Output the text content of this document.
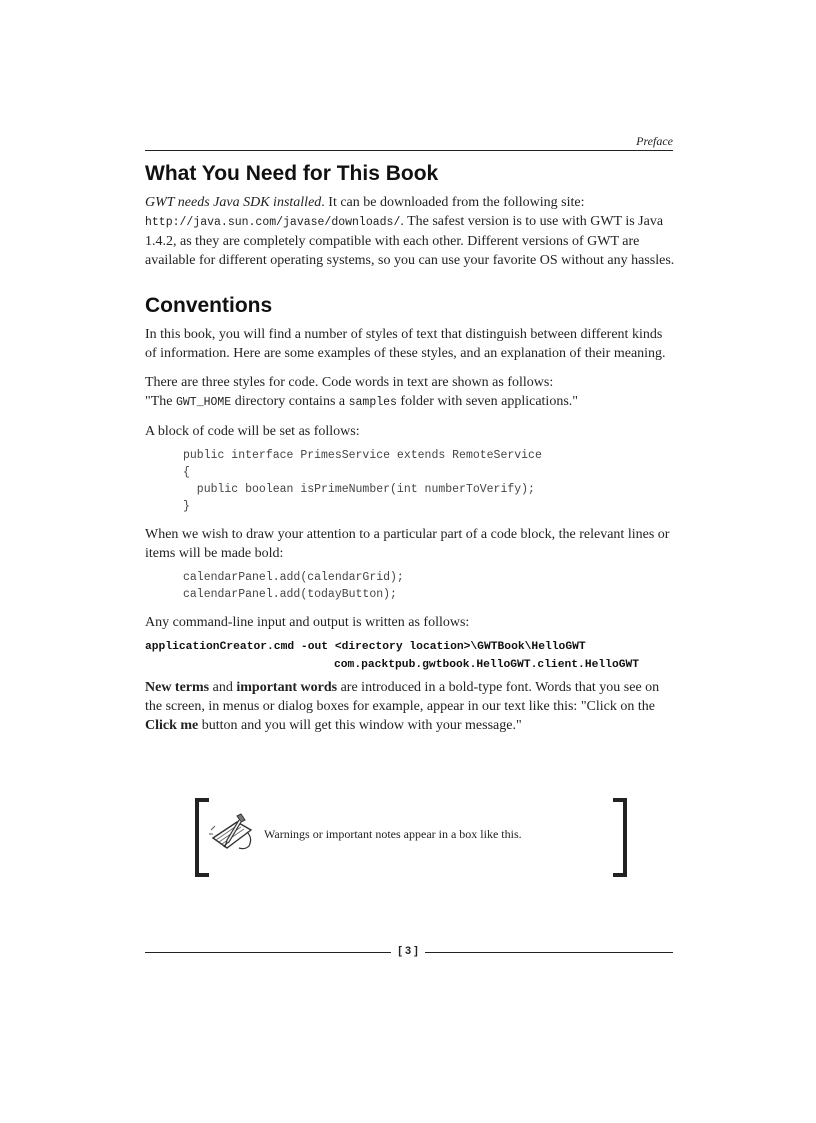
Preface
What You Need for This Book

GWT needs Java SDK installed. It can be downloaded from the following site: http://java.sun.com/javase/downloads/. The safest version is to use with GWT is Java 1.4.2, as they are completely compatible with each other. Different versions of GWT are available for different operating systems, so you can use your favorite OS without any hassles.

Conventions

In this book, you will find a number of styles of text that distinguish between different kinds of information. Here are some examples of these styles, and an explanation of their meaning.

There are three styles for code. Code words in text are shown as follows:
"The GWT_HOME directory contains a samples folder with seven applications."

A block of code will be set as follows:

public interface PrimesService extends RemoteService
{
public boolean isPrimeNumber(int numberToVerify);
}

When we wish to draw your attention to a particular part of a code block, the relevant lines or items will be made bold:

calendarPanel.add(calendarGrid);
calendarPanel.add(todayButton);

Any command-line input and output is written as follows:

applicationCreator.cmd -out <directory location>\GWTBook\HelloGWT
com.packtpub.gwtbook.HelloGWT.client.HelloGWT

New terms and important words are introduced in a bold-type font. Words that you see on the screen, in menus or dialog boxes for example, appear in our text like this: "Click on the Click me button and you will get this window with your message."

Warnings or important notes appear in a box like this.
[ 3 ]
